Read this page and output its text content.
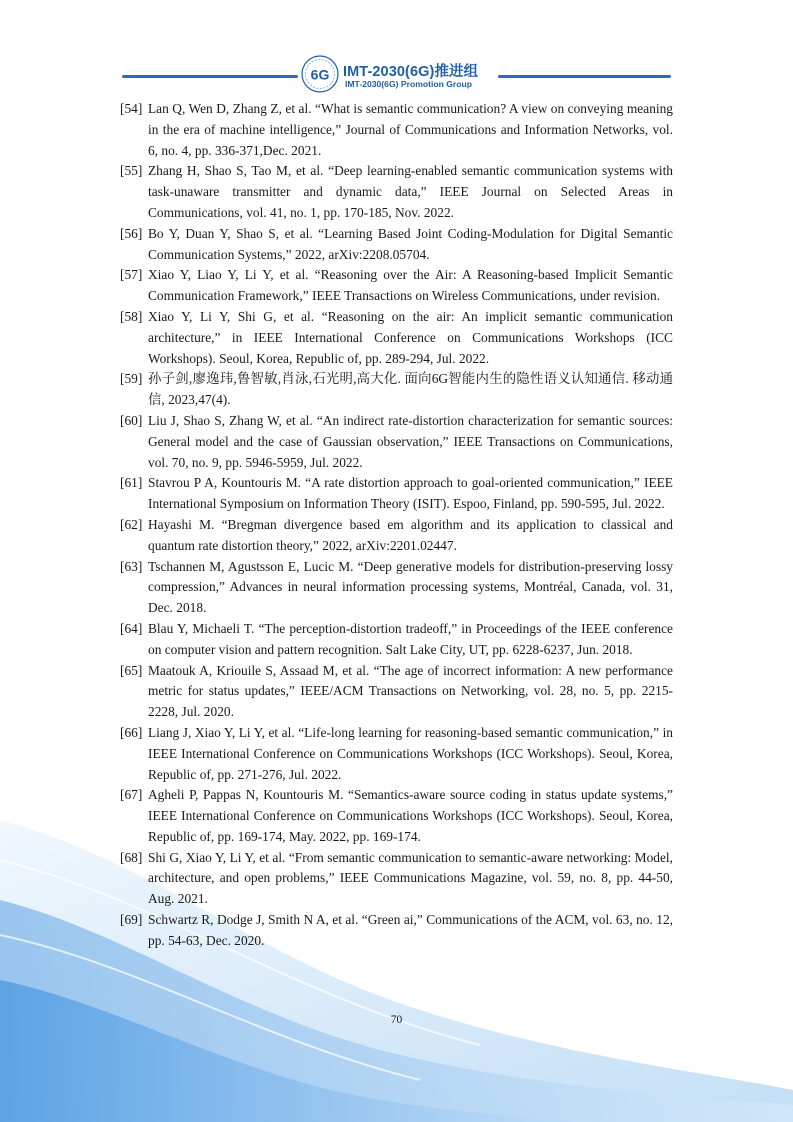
6G IMT-2030(6G)推进组
IMT-2030(6G) Promotion Group
[54] Lan Q, Wen D, Zhang Z, et al. “What is semantic communication? A view on conveying meaning in the era of machine intelligence,” Journal of Communications and Information Networks, vol. 6, no. 4, pp. 336-371,Dec. 2021.
[55] Zhang H, Shao S, Tao M, et al. “Deep learning-enabled semantic communication systems with task-unaware transmitter and dynamic data,” IEEE Journal on Selected Areas in Communications, vol. 41, no. 1, pp. 170-185, Nov. 2022.
[56] Bo Y, Duan Y, Shao S, et al. “Learning Based Joint Coding-Modulation for Digital Semantic Communication Systems,” 2022, arXiv:2208.05704.
[57] Xiao Y, Liao Y, Li Y, et al. “Reasoning over the Air: A Reasoning-based Implicit Semantic Communication Framework,” IEEE Transactions on Wireless Communications, under revision.
[58] Xiao Y, Li Y, Shi G, et al. “Reasoning on the air: An implicit semantic communication architecture,” in IEEE International Conference on Communications Workshops (ICC Workshops). Seoul, Korea, Republic of, pp. 289-294, Jul. 2022.
[59] 孙子剑,廖逸玮,鲁智敏,肖泳,石光明,高大化. 面向6G智能内生的隐性语义认知通信. 移动通信, 2023,47(4).
[60] Liu J, Shao S, Zhang W, et al. “An indirect rate-distortion characterization for semantic sources: General model and the case of Gaussian observation,” IEEE Transactions on Communications, vol. 70, no. 9, pp. 5946-5959, Jul. 2022.
[61] Stavrou P A, Kountouris M. “A rate distortion approach to goal-oriented communication,” IEEE International Symposium on Information Theory (ISIT). Espoo, Finland, pp. 590-595, Jul. 2022.
[62] Hayashi M. “Bregman divergence based em algorithm and its application to classical and quantum rate distortion theory,” 2022, arXiv:2201.02447.
[63] Tschannen M, Agustsson E, Lucic M. “Deep generative models for distribution-preserving lossy compression,” Advances in neural information processing systems, Montréal, Canada, vol. 31, Dec. 2018.
[64] Blau Y, Michaeli T. “The perception-distortion tradeoff,” in Proceedings of the IEEE conference on computer vision and pattern recognition. Salt Lake City, UT, pp. 6228-6237, Jun. 2018.
[65] Maatouk A, Kriouile S, Assaad M, et al. “The age of incorrect information: A new performance metric for status updates,” IEEE/ACM Transactions on Networking, vol. 28, no. 5, pp. 2215-2228, Jul. 2020.
[66] Liang J, Xiao Y, Li Y, et al. “Life-long learning for reasoning-based semantic communication,” in IEEE International Conference on Communications Workshops (ICC Workshops). Seoul, Korea, Republic of, pp. 271-276, Jul. 2022.
[67] Agheli P, Pappas N, Kountouris M. “Semantics-aware source coding in status update systems,” IEEE International Conference on Communications Workshops (ICC Workshops). Seoul, Korea, Republic of, pp. 169-174, May. 2022, pp. 169-174.
[68] Shi G, Xiao Y, Li Y, et al. “From semantic communication to semantic-aware networking: Model, architecture, and open problems,” IEEE Communications Magazine, vol. 59, no. 8, pp. 44-50, Aug. 2021.
[69] Schwartz R, Dodge J, Smith N A, et al. “Green ai,” Communications of the ACM, vol. 63, no. 12, pp. 54-63, Dec. 2020.
70
